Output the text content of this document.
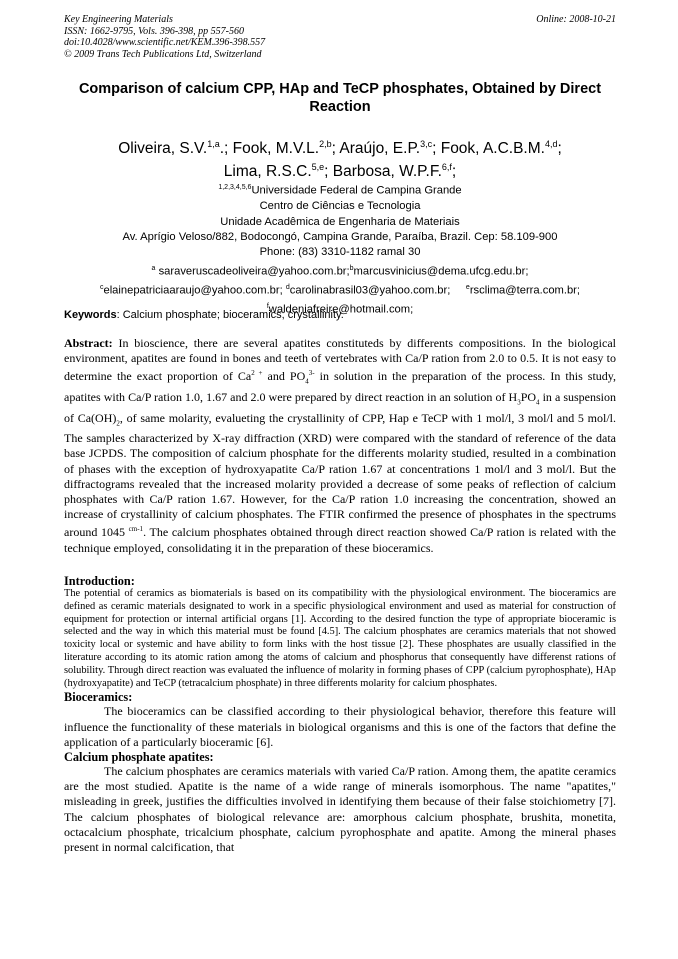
Key Engineering Materials
ISSN: 1662-9795, Vols. 396-398, pp 557-560
doi:10.4028/www.scientific.net/KEM.396-398.557
© 2009 Trans Tech Publications Ltd, Switzerland
Online: 2008-10-21
Comparison of calcium CPP, HAp and TeCP phosphates, Obtained by Direct Reaction
Oliveira, S.V.$^{1,a}$.; Fook, M.V.L.$^{2,b}$; Araújo, E.P.$^{3,c}$; Fook, A.C.B.M.$^{4,d}$;
Lima, R.S.C.$^{5,e}$; Barbosa, W.P.F.$^{6,f}$;
$^{1,2,3,4,5,6}$Universidade Federal de Campina Grande
Centro de Ciências e Tecnologia
Unidade Acadêmica de Engenharia de Materiais
Av. Aprígio Veloso/882, Bodocongó, Campina Grande, Paraíba, Brazil. Cep: 58.109-900
Phone: (83) 3310-1182 ramal 30
$^a$ saraveruscadeoliveira@yahoo.com.br;$^b$marcusvinicius@dema.ufcg.edu.br;
$^c$elainepatriciaaraujo@yahoo.com.br; $^d$carolinabrasil03@yahoo.com.br; $^e$rsclima@terra.com.br;
$^f$waldeniafreire@hotmail.com;
Keywords: Calcium phosphate; bioceramics; crystallinity.
Abstract: In bioscience, there are several apatites constituteds by differents compositions. In the biological environment, apatites are found in bones and teeth of vertebrates with Ca/P ration from 2.0 to 0.5. It is not easy to determine the exact proportion of $Ca^{2 +}$ and $PO_4^{3-}$ in solution in the preparation of the process. In this study, apatites with Ca/P ration 1.0, 1.67 and 2.0 were prepared by direct reaction in an solution of $H_3PO_4$ in a suspension of $Ca(OH)_2$, of same molarity, evalueting the crystallinity of CPP, Hap e TeCP with 1 mol/l, 3 mol/l and 5 mol/l. The samples characterized by X-ray diffraction (XRD) were compared with the standard of reference of the data base JCPDS. The composition of calcium phosphate for the differents molarity studied, resulted in a combination of phases with the exception of hydroxyapatite Ca/P ration 1.67 at concentrations 1 mol/l and 3 mol/l. But the diffractograms revealed that the increased molarity provided a decrease of some peaks of reflection of calcium phosphates with Ca/P ration 1.67. However, for the Ca/P ration 1.0 increasing the concentration, showed an increase of crystallinity of calcium phosphates. The FTIR confirmed the presence of phosphates in the spectrums around 1045 $^{cm-1}$. The calcium phosphates obtained through direct reaction showed Ca/P ration is related with the technique employed, consolidating it in the preparation of these bioceramics.

Introduction:

The potential of ceramics as biomaterials is based on its compatibility with the physiological environment. The bioceramics are defined as ceramic materials designated to work in a specific physiological environment and used as material for construction of equipment for protection or internal artificial organs [1]. According to the desired function the type of appropriate bioceramic is selected and the way in which this material must be found [4.5]. The calcium phosphates are ceramics materials that not showed toxicity local or systemic and have ability to form links with the host tissue [2]. These phosphates are usually classified in the literature according to its atomic ration among the atoms of calcium and phosphorus that consequently have differenst rations of solubility. Through direct reaction was evaluated the influence of molarity in forming phases of CPP (calcium pyrophosphate), HAp (hydroxyapatite) and TeCP (tetracalcium phosphate) in three differents molarity for calcium phosphates.

Bioceramics:

The bioceramics can be classified according to their physiological behavior, therefore this feature will influence the functionality of these materials in biological organisms and this is one of the factors that define the application of a particularly bioceramic [6].

Calcium phosphate apatites:

The calcium phosphates are ceramics materials with varied Ca/P ration. Among them, the apatite ceramics are the most studied. Apatite is the name of a wide range of minerals isomorphous. The name "apatites," misleading in greek, justifies the difficulties involved in identifying them because of their false stoichiometry [7]. The calcium phosphates of biological relevance are: amorphous calcium phosphate, brushita, monetita, octacalcium phosphate, tricalcium phosphate, calcium pyrophosphate and apatite. Among the mineral phases present in normal calcification, that
